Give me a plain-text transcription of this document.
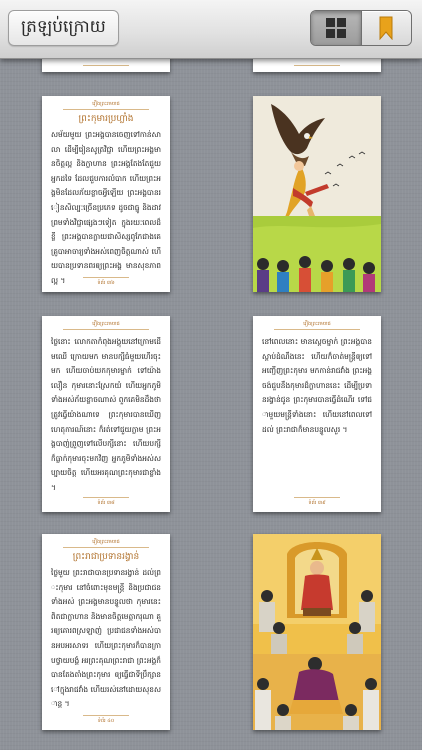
ត្រឡប់ក្រោយ
រឿងព្រះរាមរាជ
ព្រះកុមារប្រហ្លាំង
សម័យមួយ ព្រះអង្គបានចេញទៅកាន់សាលា ដើម្បីរៀនសូត្រវិជ្ជា ហើយព្រះអង្គមានចិត្តល្អ និងក្លាហាន ព្រះអង្គតែងតែជួយអ្នកដទៃ ដែលជួបការលំបាក ហើយព្រះអង្គមិនដែលភ័យខ្លាចអ្វីឡើយ ព្រះអង្គបានរៀនសិល្បៈច្រើនប្រភេទ ដូចជាធ្នូ និងដាវ ព្រមទាំងវិជ្ជាផ្សេងៗទៀត ក្នុងរយៈពេលដ៏ខ្លី ព្រះអង្គបានក្លាយជាសិស្សពូកែជាងគេ គ្រូបាអាចារ្យទាំងអស់ពេញចិត្តណាស់ ហើយបានប្រទានពរឲ្យព្រះអង្គ មានសុខភាពល្អ ។	ទំព័រ ៣៦
រឿងព្រះរាមរាជ
ថ្ងៃនោះ លោកតាកំពុងអង្គុយនៅក្រោមដើមឈើ ក្រោយមក មានបក្សីធំមួយហើរចុះមក ហើយចាប់យកកុមារម្នាក់ ទៅយ៉ាងលឿន កុមារនោះស្រែកយំ ហើយអ្នកភូមិទាំងអស់ភ័យខ្លាចណាស់ ពួកគេមិនដឹងថាត្រូវធ្វើយ៉ាងណាទេ ព្រះកុមារបានឃើញហេតុការណ៍នោះ ក៏រត់ទៅជួយភ្លាម ព្រះអង្គបាញ់ព្រួញទៅលើបក្សីនោះ ហើយបក្សីក៏ធ្លាក់កុមារចុះមកវិញ អ្នកភូមិទាំងអស់សប្បាយចិត្ត ហើយអរគុណព្រះកុមារជាខ្លាំង ។
ទំព័រ ៣៨
រឿងព្រះរាមរាជ
នៅពេលនោះ មានស្ដេចម្នាក់ ព្រះអង្គបានស្ដាប់ដំណឹងនេះ ហើយក៏ចាត់មន្ត្រីឲ្យទៅអញ្ជើញព្រះកុមារ មកកាន់រាជវាំង ព្រះអង្គចង់ជួបនឹងកុមារដ៏ក្លាហាននេះ ដើម្បីប្រទានរង្វាន់ជូន ព្រះកុមារបានធ្វើដំណើរ ទៅជាមួយមន្ត្រីទាំងនោះ ហើយនៅពេលទៅដល់ ព្រះរាជាក៏មានបន្ទូលសួរ ។
ទំព័រ ៣៩
រឿងព្រះរាមរាជ
ព្រះរាជាប្រទានរង្វាន់
ថ្ងៃមួយ ព្រះរាជាបានប្រទានរង្វាន់ ដល់ព្រះកុមារ នៅចំពោះមុខមន្ត្រី និងប្រជាជនទាំងអស់ ព្រះអង្គមានបន្ទូលថា កុមារនេះពិតជាក្លាហាន និងមានចិត្តមេត្តាករុណា គួរឲ្យគោរពស្រឡាញ់ ប្រជាជនទាំងអស់បានអបអរសាទរ ហើយព្រះកុមារក៏បានក្រាបថ្វាយបង្គំ អរព្រះគុណព្រះរាជា ព្រះអង្គក៏បានតែងតាំងព្រះកុមារ ឲ្យធ្វើជាទីប្រឹក្សានៅក្នុងរាជវាំង ហើយរស់នៅដោយសុខសាន្ត ។
ទំព័រ ៤០
